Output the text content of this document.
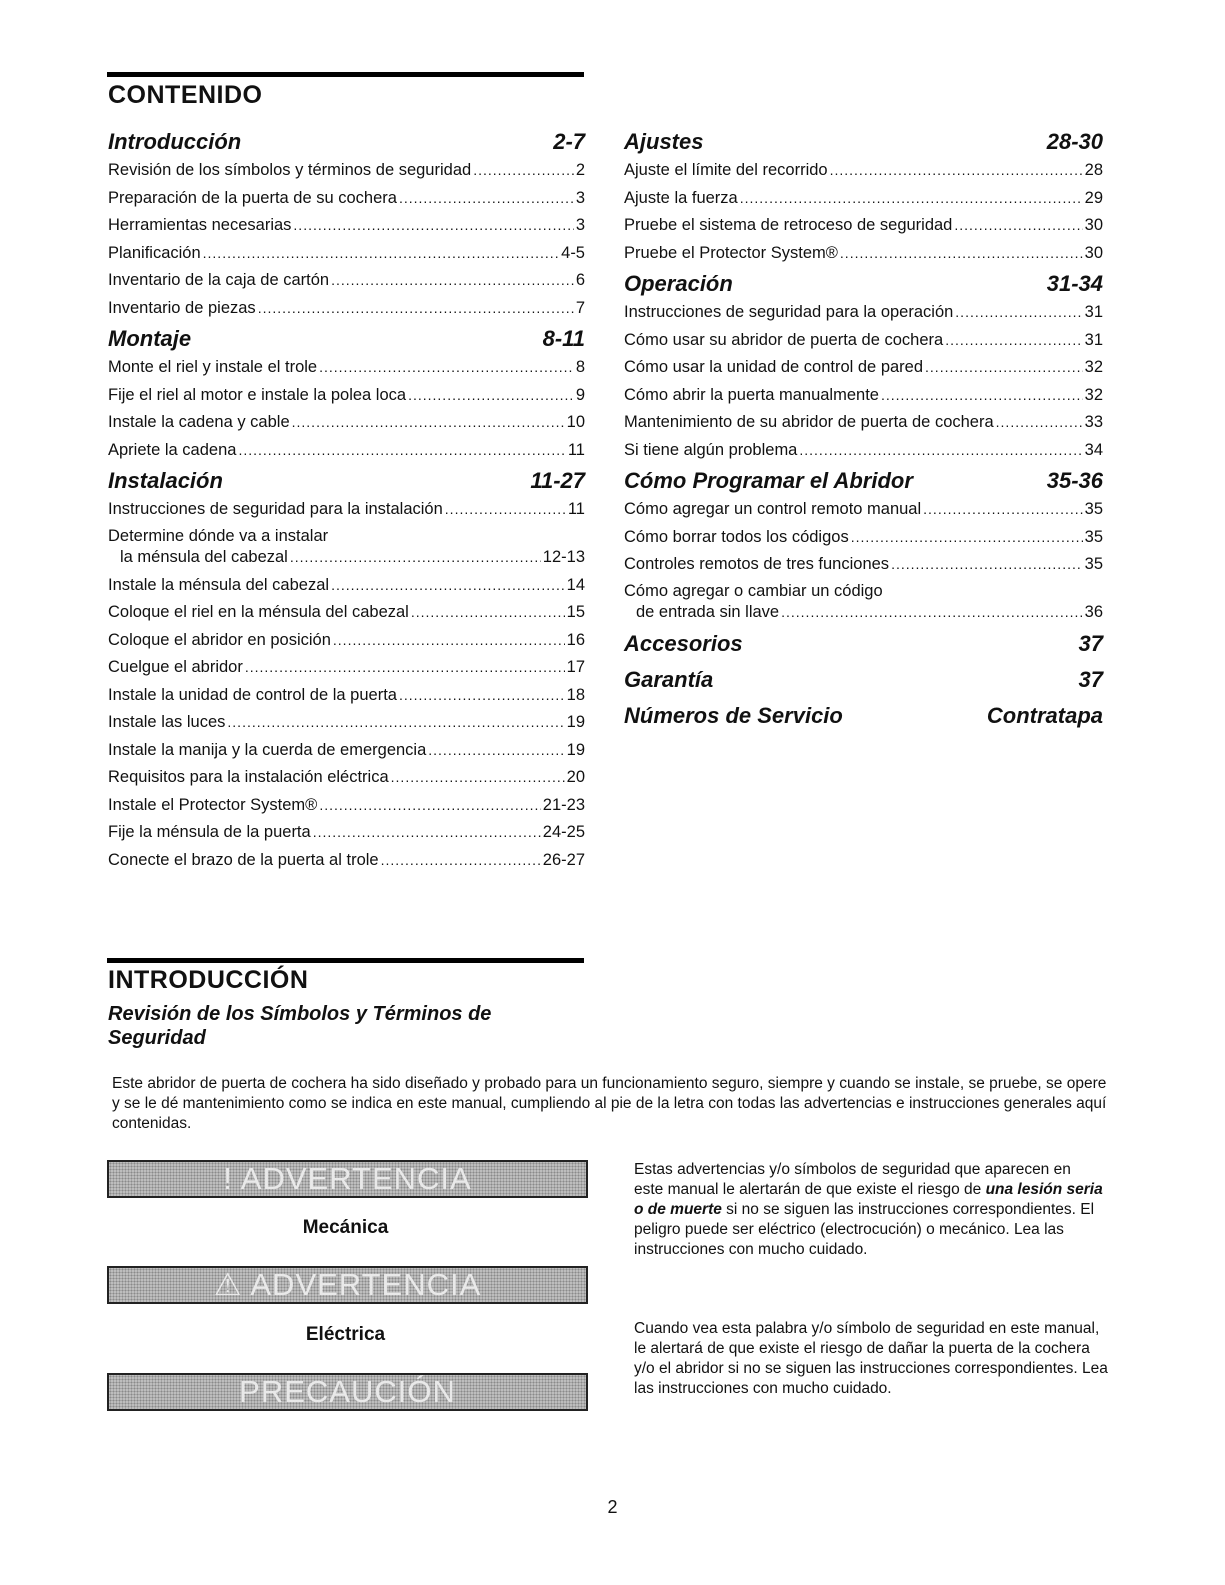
CONTENIDO
Introducción	2-7
Revisión de los símbolos y términos de seguridad .....	2
Preparación de la puerta de su cochera .....	3
Herramientas necesarias .....	3
Planificación .....	4-5
Inventario de la caja de cartón .....	6
Inventario de piezas .....	7
Montaje	8-11
Monte el riel y instale el trole .....	8
Fije el riel al motor e instale la polea loca .....	9
Instale la cadena y cable .....	10
Apriete la cadena .....	11
Instalación	11-27
Instrucciones de seguridad para la instalación .....	11
Determine dónde va a instalar
la ménsula del cabezal .....	12-13
Instale la ménsula del cabezal .....	14
Coloque el riel en la ménsula del cabezal .....	15
Coloque el abridor en posición .....	16
Cuelgue el abridor .....	17
Instale la unidad de control de la puerta .....	18
Instale las luces .....	19
Instale la manija y la cuerda de emergencia .....	19
Requisitos para la instalación eléctrica .....	20
Instale el Protector System® .....	21-23
Fije la ménsula de la puerta .....	24-25
Conecte el brazo de la puerta al trole .....	26-27
Ajustes	28-30
Ajuste el límite del recorrido .....	28
Ajuste la fuerza .....	29
Pruebe el sistema de retroceso de seguridad .....	30
Pruebe el Protector System® .....	30
Operación	31-34
Instrucciones de seguridad para la operación .....	31
Cómo usar su abridor de puerta de cochera .....	31
Cómo usar la unidad de control de pared .....	32
Cómo abrir la puerta manualmente .....	32
Mantenimiento de su abridor de puerta de cochera .....	33
Si tiene algún problema .....	34
Cómo Programar el Abridor	35-36
Cómo agregar un control remoto manual .....	35
Cómo borrar todos los códigos .....	35
Controles remotos de tres funciones .....	35
Cómo agregar o cambiar un código
de entrada sin llave .....	36
Accesorios	37
Garantía	37
Números de Servicio	Contratapa
INTRODUCCIÓN
Revisión de los Símbolos y Términos de Seguridad
Este abridor de puerta de cochera ha sido diseñado y probado para un funcionamiento seguro, siempre y cuando se instale, se pruebe, se opere y se le dé mantenimiento como se indica en este manual, cumpliendo al pie de la letra con todas las advertencias e instrucciones generales aquí contenidas.
! ADVERTENCIA
Mecánica
⚠ ADVERTENCIA
Eléctrica
PRECAUCIÓN
Estas advertencias y/o símbolos de seguridad que aparecen en este manual le alertarán de que existe el riesgo de una lesión seria o de muerte si no se siguen las instrucciones correspondientes. El peligro puede ser eléctrico (electrocución) o mecánico. Lea las instrucciones con mucho cuidado.
Cuando vea esta palabra y/o símbolo de seguridad en este manual, le alertará de que existe el riesgo de dañar la puerta de la cochera y/o el abridor si no se siguen las instrucciones correspondientes. Lea las instrucciones con mucho cuidado.
2
